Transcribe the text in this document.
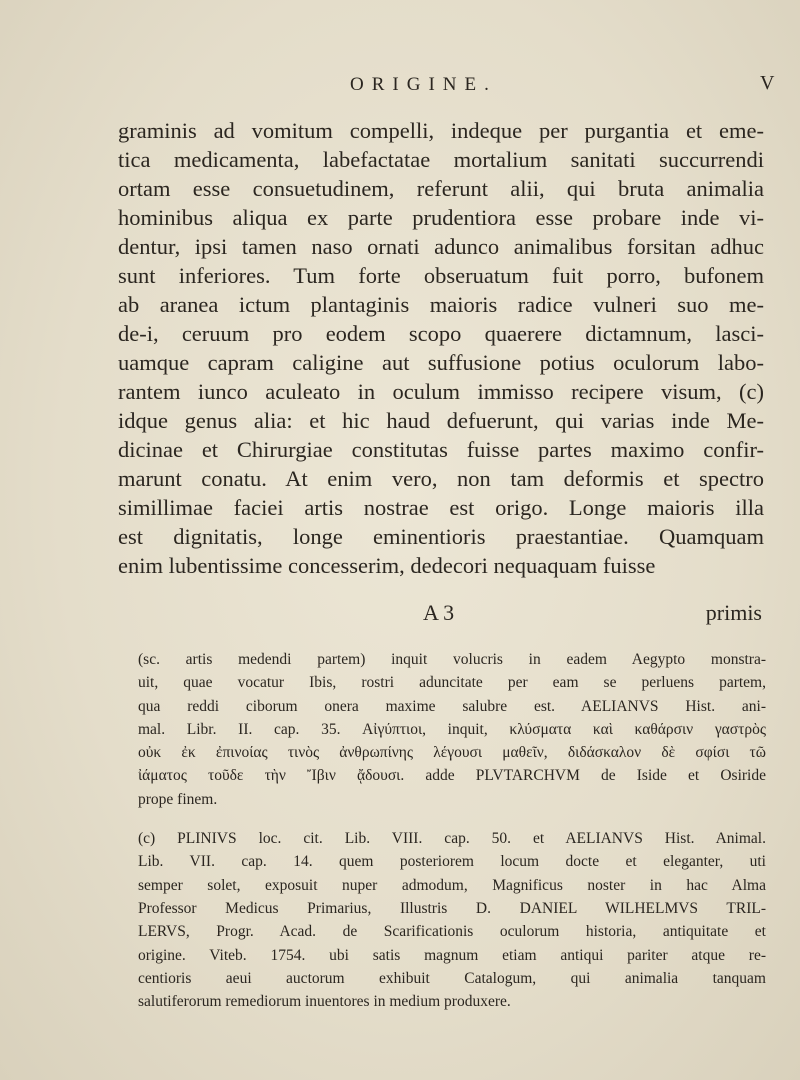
ORIGINE.	V
graminis ad vomitum compelli, indeque per purgantia et eme-
tica medicamenta, labefactatae mortalium sanitati succurrendi
ortam esse consuetudinem, referunt alii, qui bruta animalia
hominibus aliqua ex parte prudentiora esse probare inde vi-
dentur, ipsi tamen naso ornati adunco animalibus forsitan adhuc
sunt inferiores. Tum forte obseruatum fuit porro, bufonem
ab aranea ictum plantaginis maioris radice vulneri suo me-
de-i, ceruum pro eodem scopo quaerere dictamnum, lasci-
uamque capram caligine aut suffusione potius oculorum labo-
rantem iunco aculeato in oculum immisso recipere visum, (c)
idque genus alia: et hic haud defuerunt, qui varias inde Me-
dicinae et Chirurgiae constitutas fuisse partes maximo confir-
marunt conatu. At enim vero, non tam deformis et spectro
simillimae faciei artis nostrae est origo. Longe maioris illa
est dignitatis, longe eminentioris praestantiae. Quamquam
enim lubentissime concesserim, dedecori nequaquam fuisse
A 3	primis
(sc. artis medendi partem) inquit volucris in eadem Aegypto monstra-
uit, quae vocatur Ibis, rostri aduncitate per eam se perluens partem,
qua reddi ciborum onera maxime salubre est. AELIANVS Hist. ani-
mal. Libr. II. cap. 35. Αἰγύπτιοι, inquit, κλύσματα καὶ καθάρσιν γαστρὸς
οὐκ ἐκ ἐπινοίας τινὸς ἀνθρωπίνης λέγουσι μαθεῖν, διδάσκαλον δὲ σφίσι τῶ
ἰάματος τοῦδε τὴν Ἴβιν ᾄδουσι. adde PLVTARCHVM de Iside et Osiride
prope finem.
(c) PLINIVS loc. cit. Lib. VIII. cap. 50. et AELIANVS Hist. Animal.
Lib. VII. cap. 14. quem posteriorem locum docte et eleganter, uti
semper solet, exposuit nuper admodum, Magnificus noster in hac Alma
Professor Medicus Primarius, Illustris D. DANIEL WILHELMVS TRIL-
LERVS, Progr. Acad. de Scarificationis oculorum historia, antiquitate et
origine. Viteb. 1754. ubi satis magnum etiam antiqui pariter atque re-
centioris aeui auctorum exhibuit Catalogum, qui animalia tanquam
salutiferorum remediorum inuentores in medium produxere.
